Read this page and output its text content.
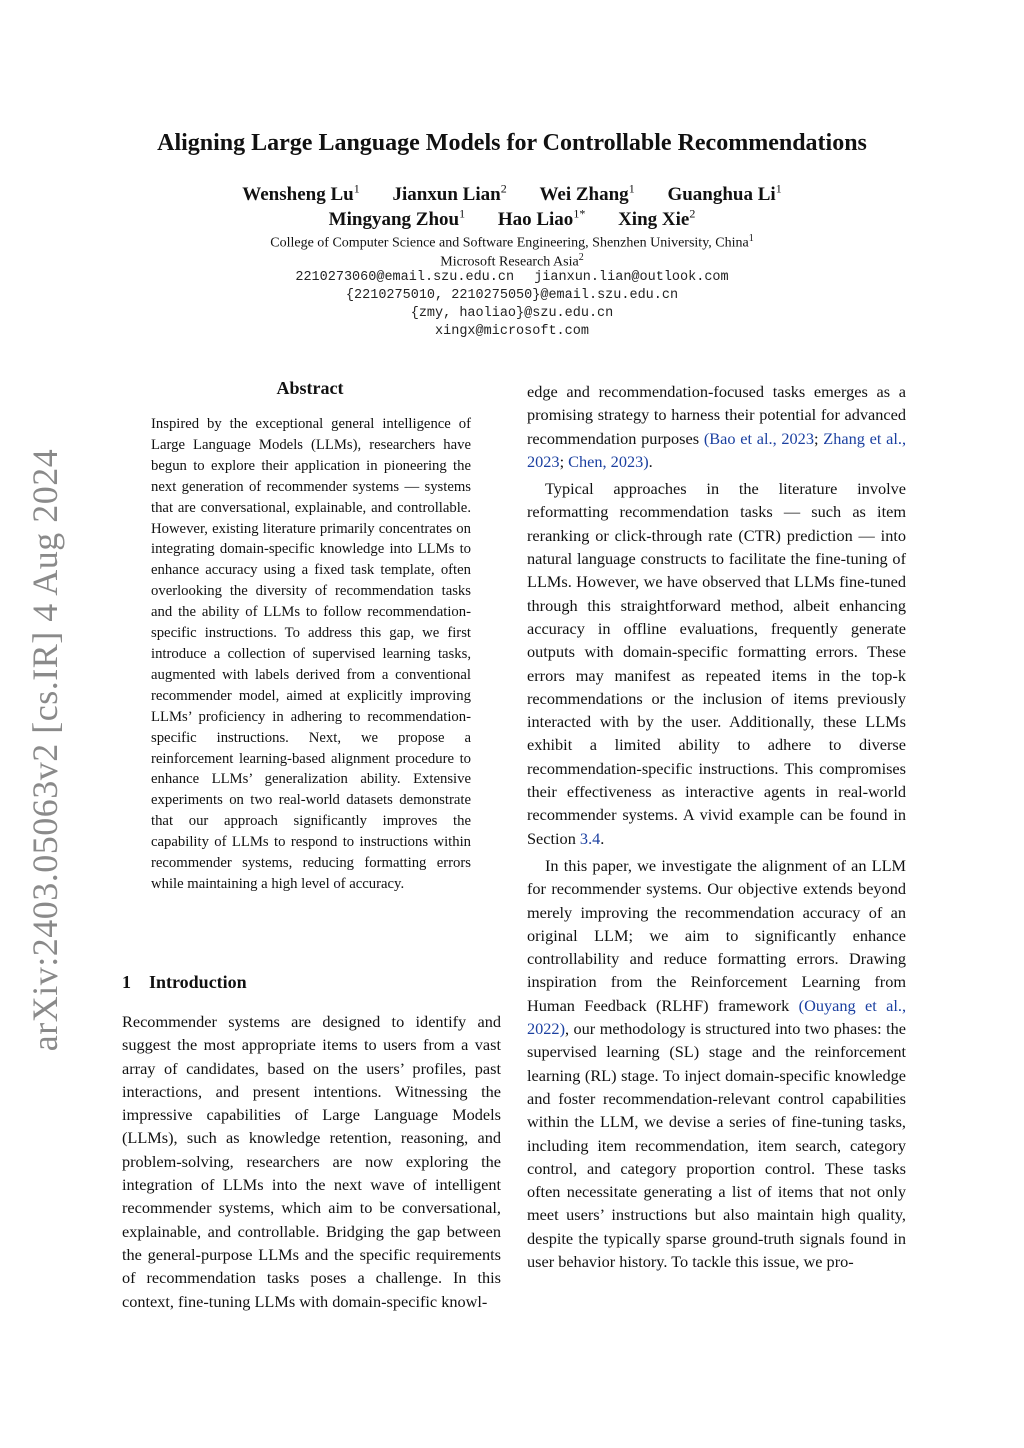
arXiv:2403.05063v2 [cs.IR] 4 Aug 2024
Aligning Large Language Models for Controllable Recommendations
Wensheng Lu$^1$ Jianxun Lian$^2$ Wei Zhang$^1$ Guanghua Li$^1$
Mingyang Zhou$^1$ Hao Liao$^{1*}$ Xing Xie$^2$
College of Computer Science and Software Engineering, Shenzhen University, China$^1$
Microsoft Research Asia$^2$
2210273060@email.szu.edu.cn jianxun.lian@outlook.com
{2210275010, 2210275050}@email.szu.edu.cn
{zmy, haoliao}@szu.edu.cn
xingx@microsoft.com
Abstract
Inspired by the exceptional general intelligence of Large Language Models (LLMs), researchers have begun to explore their application in pioneering the next generation of recommender systems — systems that are conversational, explainable, and controllable. However, existing literature primarily concentrates on integrating domain-specific knowledge into LLMs to enhance accuracy using a fixed task template, often overlooking the diversity of recommendation tasks and the ability of LLMs to follow recommendation-specific instructions. To address this gap, we first introduce a collection of supervised learning tasks, augmented with labels derived from a conventional recommender model, aimed at explicitly improving LLMs’ proficiency in adhering to recommendation-specific instructions. Next, we propose a reinforcement learning-based alignment procedure to enhance LLMs’ generalization ability. Extensive experiments on two real-world datasets demonstrate that our approach significantly improves the capability of LLMs to respond to instructions within recommender systems, reducing formatting errors while maintaining a high level of accuracy.
1 Introduction

Recommender systems are designed to identify and suggest the most appropriate items to users from a vast array of candidates, based on the users’ profiles, past interactions, and present intentions. Witnessing the impressive capabilities of Large Language Models (LLMs), such as knowledge retention, reasoning, and problem-solving, researchers are now exploring the integration of LLMs into the next wave of intelligent recommender systems, which aim to be conversational, explainable, and controllable. Bridging the gap between the general-purpose LLMs and the specific requirements of recommendation tasks poses a challenge. In this context, fine-tuning LLMs with domain-specific knowl-

edge and recommendation-focused tasks emerges as a promising strategy to harness their potential for advanced recommendation purposes (Bao et al., 2023; Zhang et al., 2023; Chen, 2023).

Typical approaches in the literature involve reformatting recommendation tasks — such as item reranking or click-through rate (CTR) prediction — into natural language constructs to facilitate the fine-tuning of LLMs. However, we have observed that LLMs fine-tuned through this straightforward method, albeit enhancing accuracy in offline evaluations, frequently generate outputs with domain-specific formatting errors. These errors may manifest as repeated items in the top-k recommendations or the inclusion of items previously interacted with by the user. Additionally, these LLMs exhibit a limited ability to adhere to diverse recommendation-specific instructions. This compromises their effectiveness as interactive agents in real-world recommender systems. A vivid example can be found in Section 3.4.

In this paper, we investigate the alignment of an LLM for recommender systems. Our objective extends beyond merely improving the recommendation accuracy of an original LLM; we aim to significantly enhance controllability and reduce formatting errors. Drawing inspiration from the Reinforcement Learning from Human Feedback (RLHF) framework (Ouyang et al., 2022), our methodology is structured into two phases: the supervised learning (SL) stage and the reinforcement learning (RL) stage. To inject domain-specific knowledge and foster recommendation-relevant control capabilities within the LLM, we devise a series of fine-tuning tasks, including item recommendation, item search, category control, and category proportion control. These tasks often necessitate generating a list of items that not only meet users’ instructions but also maintain high quality, despite the typically sparse ground-truth signals found in user behavior history. To tackle this issue, we pro-
